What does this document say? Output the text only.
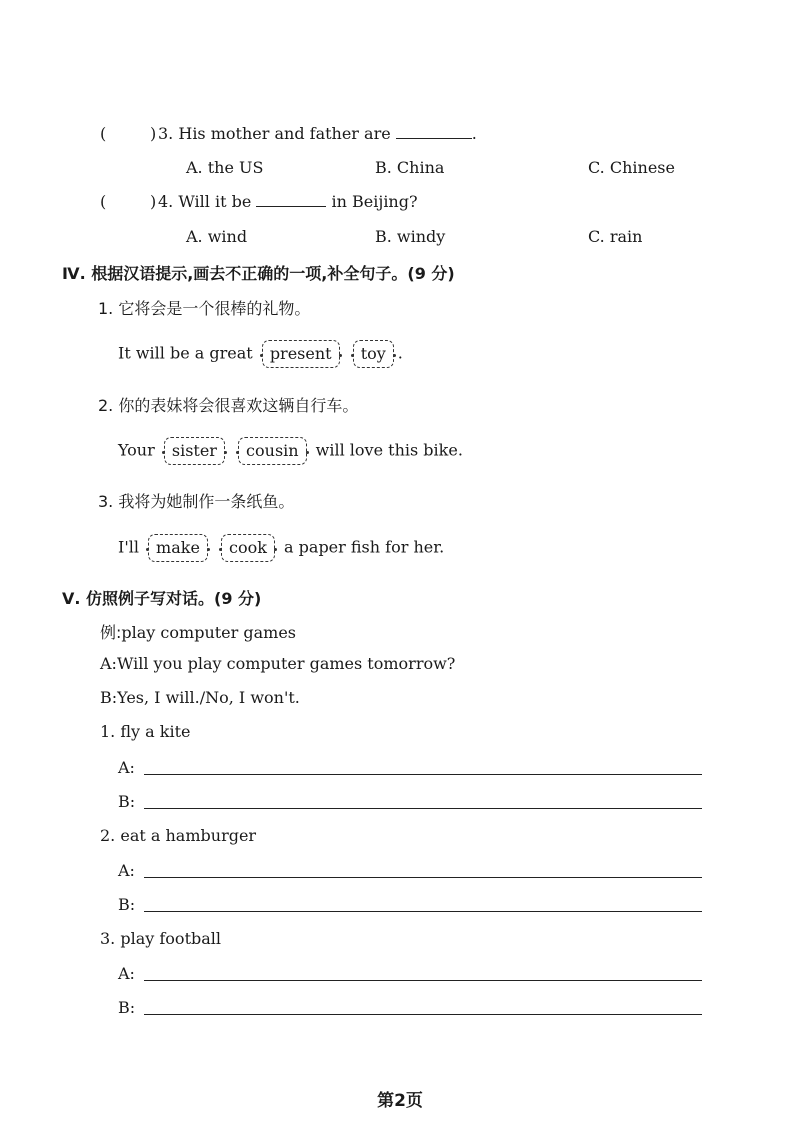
(	) 3. His mother and father are	.
A. the US	B. China	C. Chinese
(	) 4. Will it be	in Beijing?
A. wind	B. windy	C. rain
Ⅳ. 根据汉语提示,画去不正确的一项,补全句子。(9 分)
1. 它将会是一个很棒的礼物。
It will be a great present toy .
2. 你的表妹将会很喜欢这辆自行车。
Your sister cousin will love this bike.
3. 我将为她制作一条纸鱼。
I'll make cook a paper fish for her.
Ⅴ. 仿照例子写对话。(9 分)
例:play computer games
A:Will you play computer games tomorrow?
B:Yes, I will./No, I won't.
1. fly a kite
A:
B:
2. eat a hamburger
A:
B:
3. play football
A:
B:
第2页
